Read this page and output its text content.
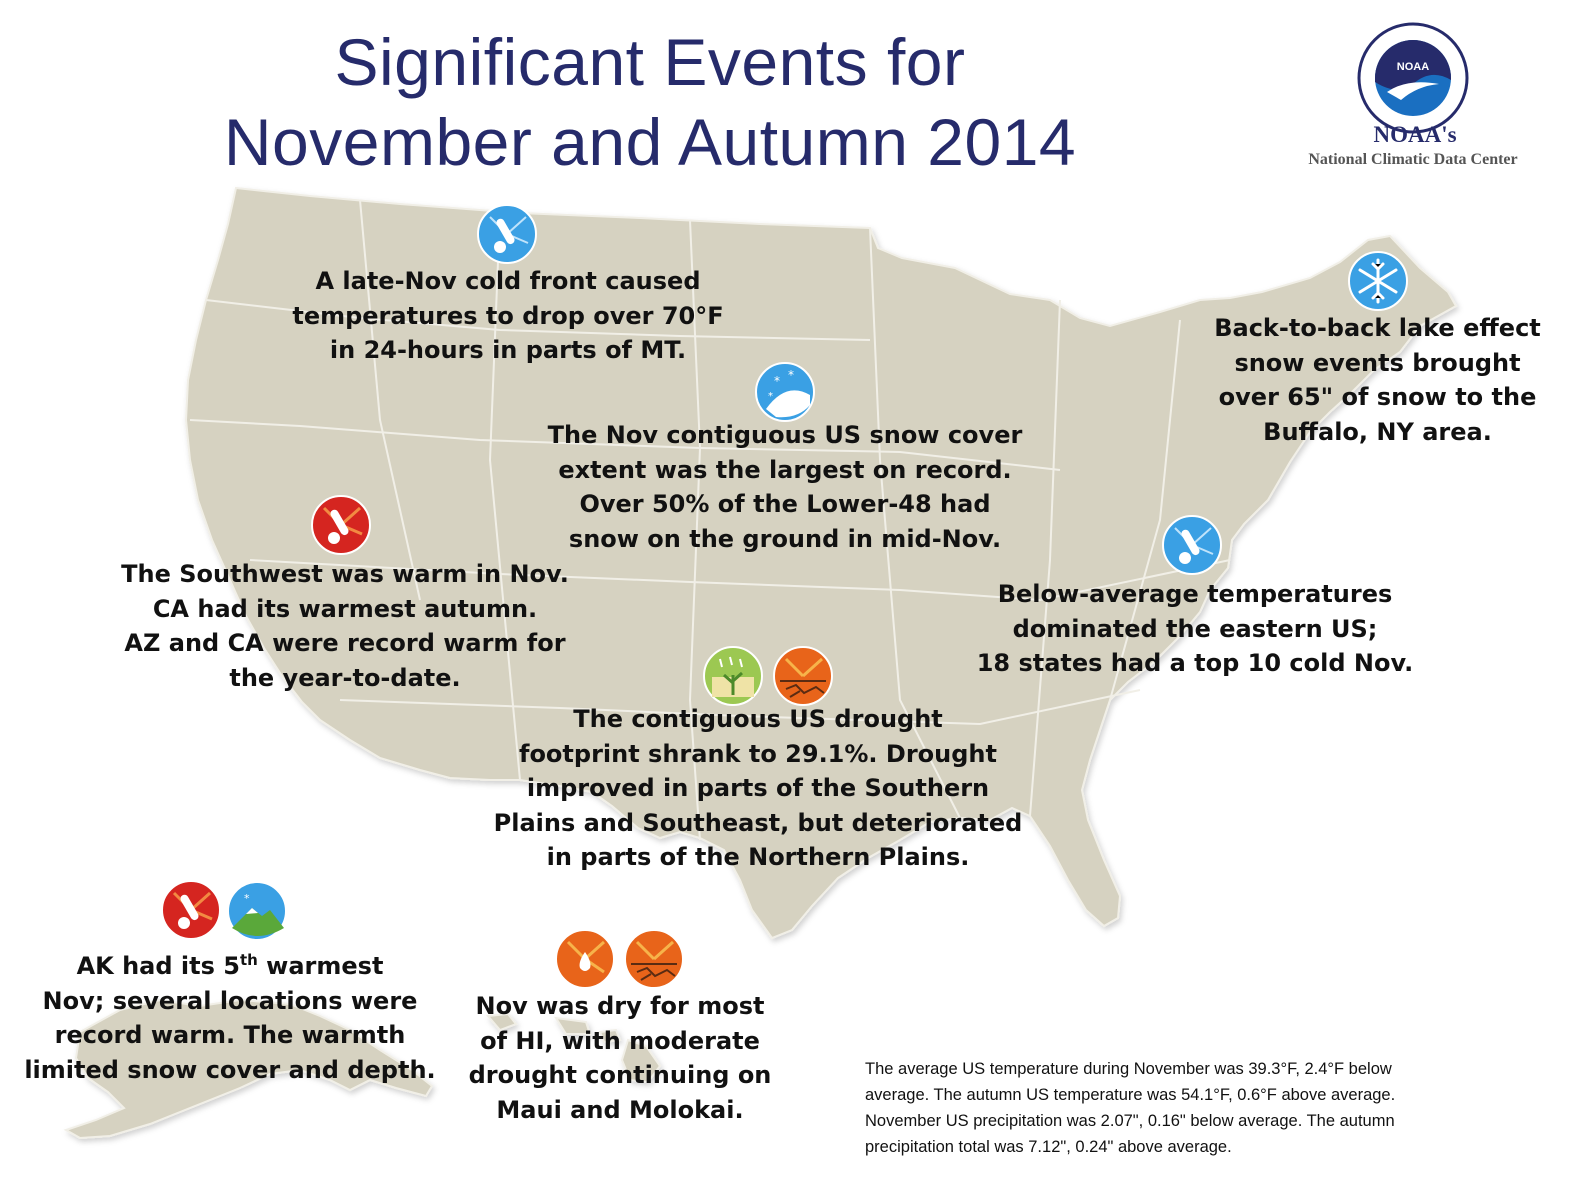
Significant Events for
November and Autumn 2014
NOAA
NOAA's
National Climatic Data Center
* *
*
*
A late-Nov cold front caused
temperatures to drop over 70°F
in 24-hours in parts of MT.
The Nov contiguous US snow cover
extent was the largest on record.
Over 50% of the Lower-48 had
snow on the ground in mid-Nov.
Back-to-back lake effect
snow events brought
over 65" of snow to the
Buffalo, NY area.
The Southwest was warm in Nov.
CA had its warmest autumn.
AZ and CA were record warm for
the year-to-date.
Below-average temperatures
dominated the eastern US;
18 states had a top 10 cold Nov.
The contiguous US drought
footprint shrank to 29.1%. Drought
improved in parts of the Southern
Plains and Southeast, but deteriorated
in parts of the Northern Plains.
AK had its 5th warmest
Nov; several locations were
record warm. The warmth
limited snow cover and depth.
Nov was dry for most
of HI, with moderate
drought continuing on
Maui and Molokai.
The average US temperature during November was 39.3°F, 2.4°F below
average. The autumn US temperature was 54.1°F, 0.6°F above average.
November US precipitation was 2.07", 0.16" below average. The autumn
precipitation total was 7.12", 0.24" above average.
